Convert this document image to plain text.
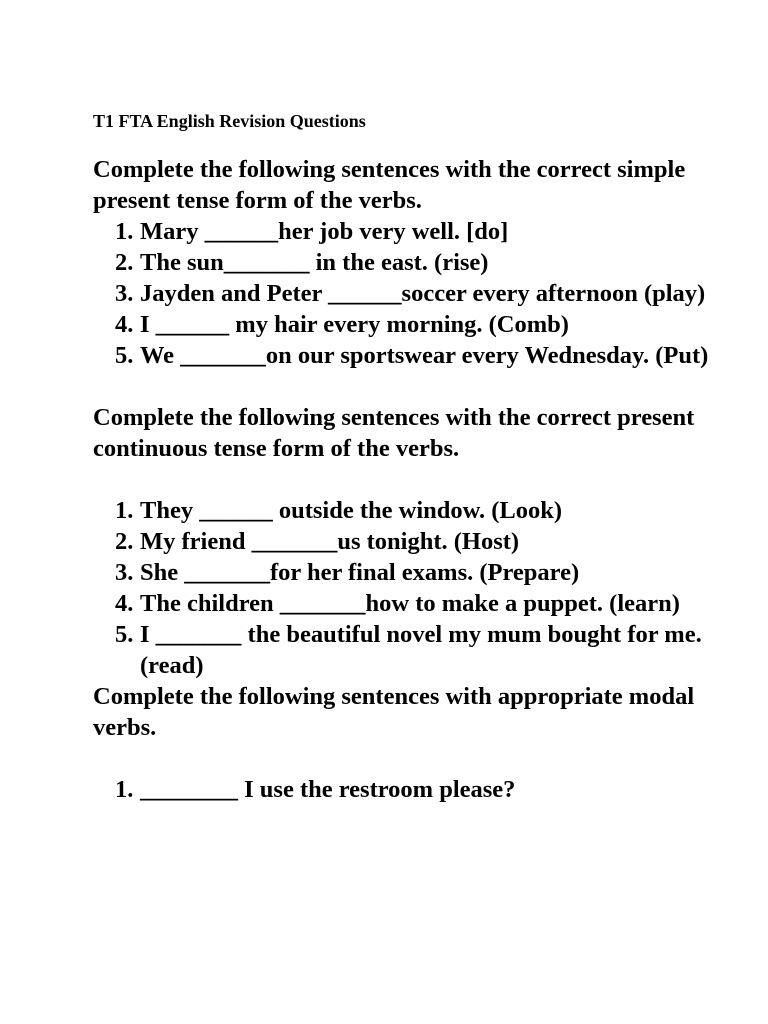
T1 FTA English Revision Questions

Complete the following sentences with the correct simple present tense form of the verbs.

1. Mary ______her job very well. [do]
2. The sun_______ in the east. (rise)
3. Jayden and Peter ______soccer every afternoon (play)
4. I ______ my hair every morning. (Comb)
5. We _______on our sportswear every Wednesday. (Put)

Complete the following sentences with the correct present continuous tense form of the verbs.

1. They ______ outside the window. (Look)
2. My friend _______us tonight. (Host)
3. She _______for her final exams. (Prepare)
4. The children _______how to make a puppet. (learn)
5. I _______ the beautiful novel my mum bought for me. (read)

Complete the following sentences with appropriate modal verbs.

1. ________ I use the restroom please?
